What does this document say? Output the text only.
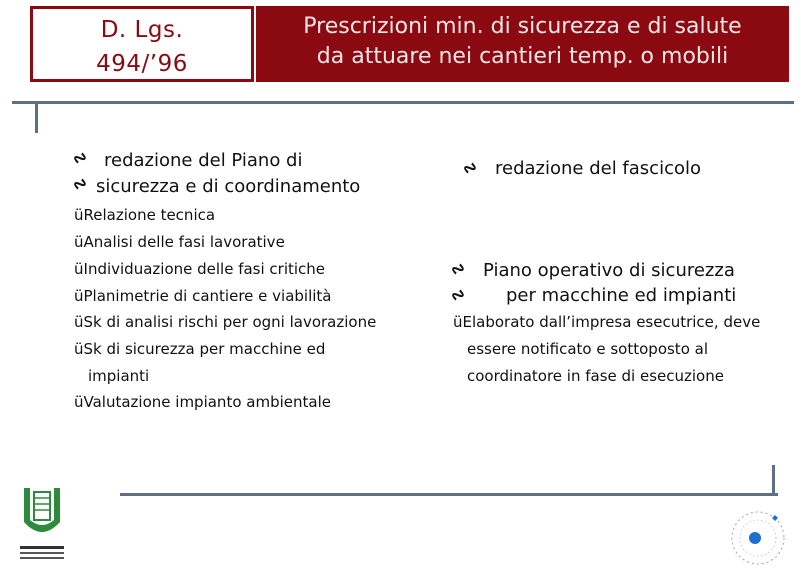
D. Lgs.
494/’96
Prescrizioni min. di sicurezza e di salute
da attuare nei cantieri temp. o mobili
∿
∿
redazione del Piano di
sicurezza e di coordinamento
üRelazione tecnica
üAnalisi delle fasi lavorative
üIndividuazione delle fasi critiche
üPlanimetrie di cantiere e viabilità
üSk di analisi rischi per ogni lavorazione
üSk di sicurezza per macchine ed
impianti
üValutazione impianto ambientale
∿ redazione del fascicolo
∿
∿
Piano operativo di sicurezza
per macchine ed impianti
üElaborato dall’impresa esecutrice, deve
essere notificato e sottoposto al
coordinatore in fase di esecuzione
